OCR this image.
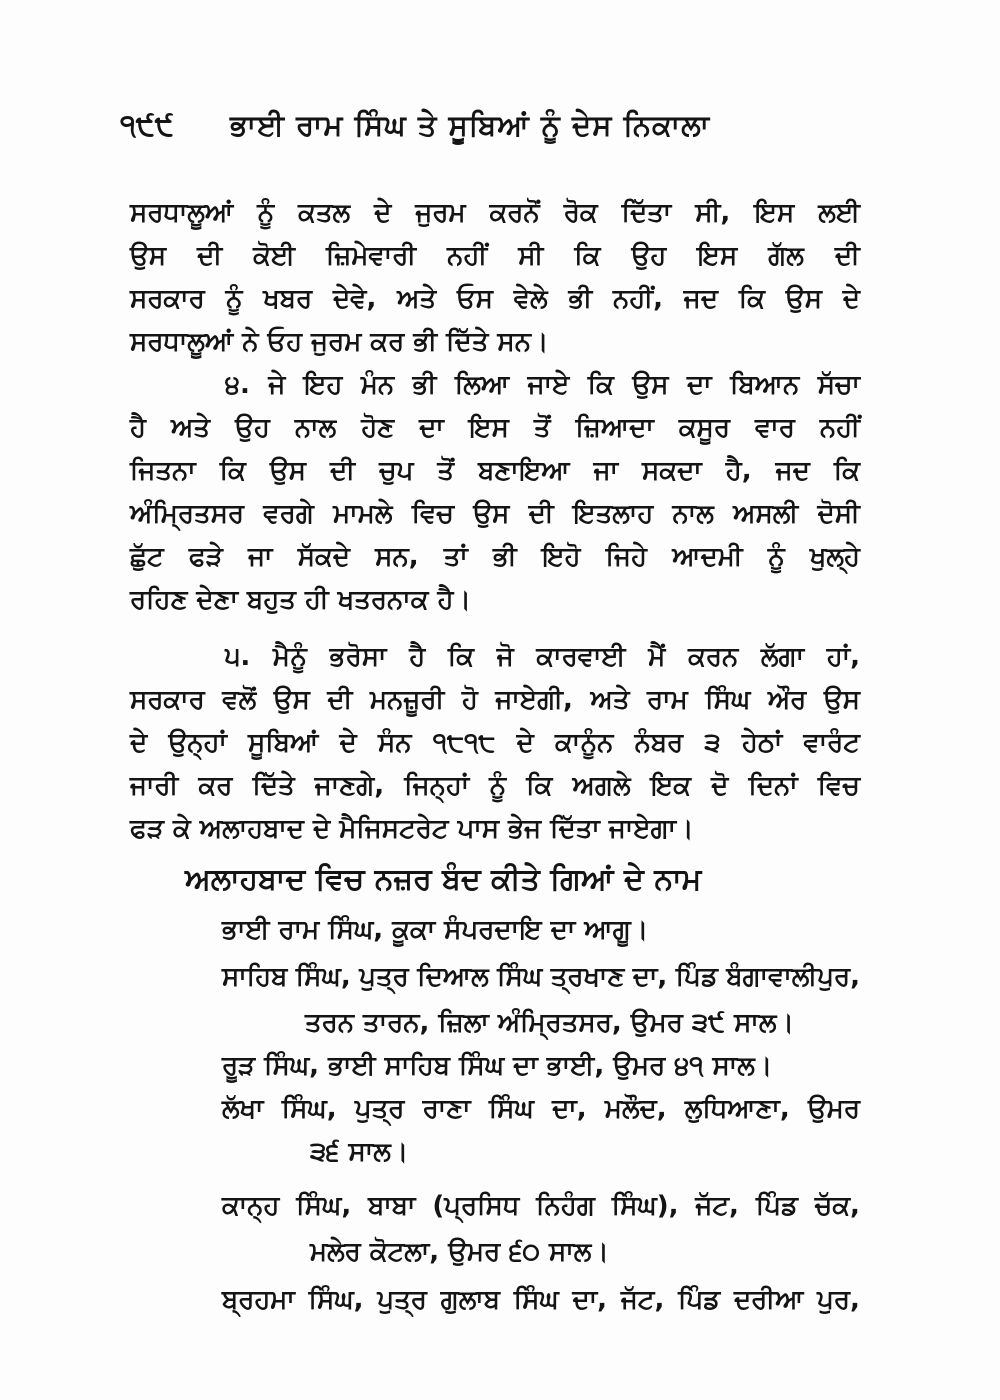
੧੯੯ ਭਾਈ ਰਾਮ ਸਿੰਘ ਤੇ ਸੂਬਿਆਂ ਨੂੰ ਦੇਸ ਨਿਕਾਲਾ
ਸਰਧਾਲੂਆਂ ਨੂੰ ਕਤਲ ਦੇ ਜੁਰਮ ਕਰਨੋਂ ਰੋਕ ਦਿੱਤਾ ਸੀ, ਇਸ ਲਈ
ਉਸ ਦੀ ਕੋਈ ਜ਼ਿਮੇਵਾਰੀ ਨਹੀਂ ਸੀ ਕਿ ਉਹ ਇਸ ਗੱਲ ਦੀ
ਸਰਕਾਰ ਨੂੰ ਖਬਰ ਦੇਵੇ, ਅਤੇ ਓਸ ਵੇਲੇ ਭੀ ਨਹੀਂ, ਜਦ ਕਿ ਉਸ ਦੇ
ਸਰਧਾਲੂਆਂ ਨੇ ਓਹ ਜੁਰਮ ਕਰ ਭੀ ਦਿੱਤੇ ਸਨ।
੪. ਜੇ ਇਹ ਮੰਨ ਭੀ ਲਿਆ ਜਾਏ ਕਿ ਉਸ ਦਾ ਬਿਆਨ ਸੱਚਾ
ਹੈ ਅਤੇ ਉਹ ਨਾਲ ਹੋਣ ਦਾ ਇਸ ਤੋਂ ਜ਼ਿਆਦਾ ਕਸੂਰ ਵਾਰ ਨਹੀਂ
ਜਿਤਨਾ ਕਿ ਉਸ ਦੀ ਚੁਪ ਤੋਂ ਬਣਾਇਆ ਜਾ ਸਕਦਾ ਹੈ, ਜਦ ਕਿ
ਅੰਮ੍ਰਿਤਸਰ ਵਰਗੇ ਮਾਮਲੇ ਵਿਚ ਉਸ ਦੀ ਇਤਲਾਹ ਨਾਲ ਅਸਲੀ ਦੋਸੀ
ਛੁੱਟ ਫੜੇ ਜਾ ਸੱਕਦੇ ਸਨ, ਤਾਂ ਭੀ ਇਹੋ ਜਿਹੇ ਆਦਮੀ ਨੂੰ ਖੁਲ੍ਹੇ
ਰਹਿਣ ਦੇਣਾ ਬਹੁਤ ਹੀ ਖਤਰਨਾਕ ਹੈ।
੫. ਮੈਨੂੰ ਭਰੋਸਾ ਹੈ ਕਿ ਜੋ ਕਾਰਵਾਈ ਮੈਂ ਕਰਨ ਲੱਗਾ ਹਾਂ,
ਸਰਕਾਰ ਵਲੋਂ ਉਸ ਦੀ ਮਨਜ਼ੂਰੀ ਹੋ ਜਾਏਗੀ, ਅਤੇ ਰਾਮ ਸਿੰਘ ਔਰ ਉਸ
ਦੇ ਉਨ੍ਹਾਂ ਸੂਬਿਆਂ ਦੇ ਸੰਨ ੧੮੧੮ ਦੇ ਕਾਨੂੰਨ ਨੰਬਰ ੩ ਹੇਠਾਂ ਵਾਰੰਟ
ਜਾਰੀ ਕਰ ਦਿੱਤੇ ਜਾਣਗੇ, ਜਿਨ੍ਹਾਂ ਨੂੰ ਕਿ ਅਗਲੇ ਇਕ ਦੋ ਦਿਨਾਂ ਵਿਚ
ਫੜ ਕੇ ਅਲਾਹਬਾਦ ਦੇ ਮੈਜਿਸਟਰੇਟ ਪਾਸ ਭੇਜ ਦਿੱਤਾ ਜਾਏਗਾ।
ਅਲਾਹਬਾਦ ਵਿਚ ਨਜ਼ਰ ਬੰਦ ਕੀਤੇ ਗਿਆਂ ਦੇ ਨਾਮ
ਭਾਈ ਰਾਮ ਸਿੰਘ, ਕੂਕਾ ਸੰਪਰਦਾਇ ਦਾ ਆਗੂ।
ਸਾਹਿਬ ਸਿੰਘ, ਪੁਤ੍ਰ ਦਿਆਲ ਸਿੰਘ ਤ੍ਰਖਾਣ ਦਾ, ਪਿੰਡ ਬੰਗਾਵਾਲੀਪੁਰ,
ਤਰਨ ਤਾਰਨ, ਜ਼ਿਲਾ ਅੰਮ੍ਰਿਤਸਰ, ਉਮਰ ੩੯ ਸਾਲ।
ਰੂੜ ਸਿੰਘ, ਭਾਈ ਸਾਹਿਬ ਸਿੰਘ ਦਾ ਭਾਈ, ਉਮਰ ੪੧ ਸਾਲ।
ਲੱਖਾ ਸਿੰਘ, ਪੁਤ੍ਰ ਰਾਣਾ ਸਿੰਘ ਦਾ, ਮਲੌਦ, ਲੁਧਿਆਣਾ, ਉਮਰ
੩੬ ਸਾਲ।
ਕਾਨ੍ਹ ਸਿੰਘ, ਬਾਬਾ (ਪ੍ਰਸਿਧ ਨਿਹੰਗ ਸਿੰਘ), ਜੱਟ, ਪਿੰਡ ਚੱਕ,
ਮਲੇਰ ਕੋਟਲਾ, ਉਮਰ ੬੦ ਸਾਲ।
ਬ੍ਰਹਮਾ ਸਿੰਘ, ਪੁਤ੍ਰ ਗੁਲਾਬ ਸਿੰਘ ਦਾ, ਜੱਟ, ਪਿੰਡ ਦਰੀਆ ਪੁਰ,
